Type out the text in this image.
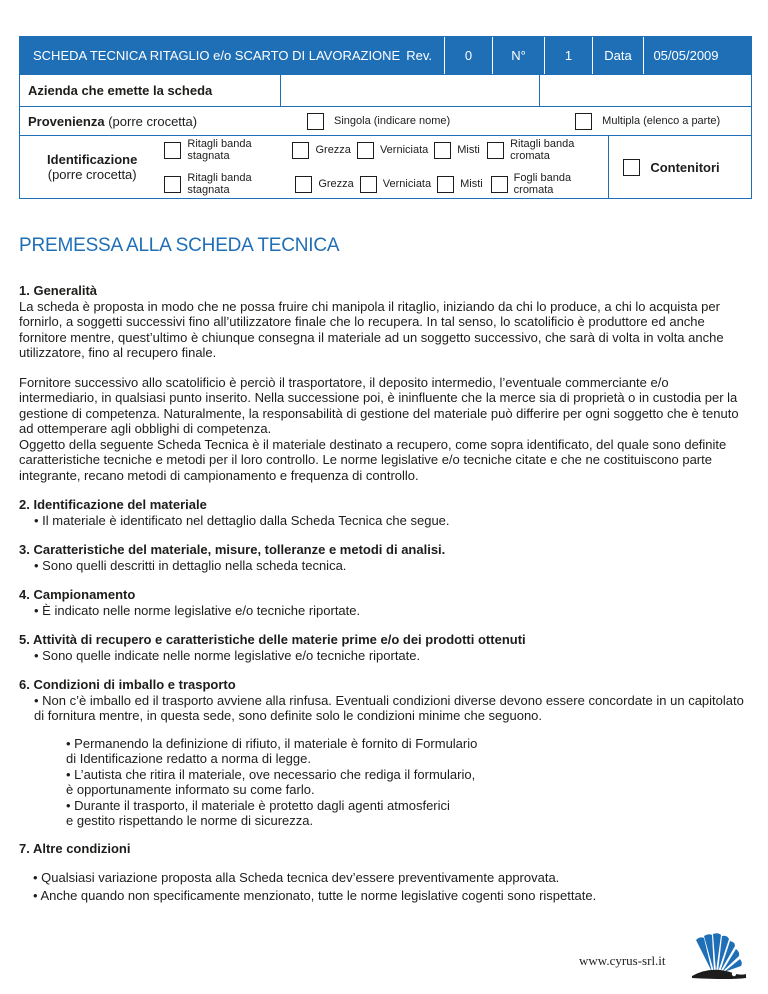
SCHEDA TECNICA RITAGLIO e/o SCARTO DI LAVORAZIONE Rev.	0	N°	1	Data	05/05/2009
Azienda che emette la scheda
Provenienza (porre crocetta)	Singola (indicare nome)	Multipla (elenco a parte)
Identificazione
(porre crocetta)
Ritagli banda stagnata	Grezza	Verniciata	Misti	Ritagli banda cromata
Ritagli banda stagnata	Grezza	Verniciata	Misti	Fogli banda cromata
Contenitori
PREMESSA ALLA SCHEDA TECNICA

1. Generalità

La scheda è proposta in modo che ne possa fruire chi manipola il ritaglio, iniziando da chi lo produce, a chi lo acquista per fornirlo, a soggetti successivi fino all’utilizzatore finale che lo recupera. In tal senso, lo scatolificio è produttore ed anche fornitore mentre, quest’ultimo è chiunque consegna il materiale ad un soggetto successivo, che sarà di volta in volta anche utilizzatore, fino al recupero finale.

Fornitore successivo allo scatolificio è perciò il trasportatore, il deposito intermedio, l’eventuale commerciante e/o intermediario, in qualsiasi punto inserito. Nella successione poi, è ininfluente che la merce sia di proprietà o in custodia per la gestione di competenza. Naturalmente, la responsabilità di gestione del materiale può differire per ogni soggetto che è tenuto ad ottemperare agli obblighi di competenza.

Oggetto della seguente Scheda Tecnica è il materiale destinato a recupero, come sopra identificato, del quale sono definite caratteristiche tecniche e metodi per il loro controllo. Le norme legislative e/o tecniche citate e che ne costituiscono parte integrante, recano metodi di campionamento e frequenza di controllo.

2. Identificazione del materiale

• Il materiale è identificato nel dettaglio dalla Scheda Tecnica che segue.

3. Caratteristiche del materiale, misure, tolleranze e metodi di analisi.

• Sono quelli descritti in dettaglio nella scheda tecnica.

4. Campionamento

• È indicato nelle norme legislative e/o tecniche riportate.

5. Attività di recupero e caratteristiche delle materie prime e/o dei prodotti ottenuti

• Sono quelle indicate nelle norme legislative e/o tecniche riportate.

6. Condizioni di imballo e trasporto

• Non c’è imballo ed il trasporto avviene alla rinfusa. Eventuali condizioni diverse devono essere concordate in un capitolato di fornitura mentre, in questa sede, sono definite solo le condizioni minime che seguono.

• Permanendo la definizione di rifiuto, il materiale è fornito di Formulario
di Identificazione redatto a norma di legge.
• L’autista che ritira il materiale, ove necessario che rediga il formulario,
è opportunamente informato su come farlo.
• Durante il trasporto, il materiale è protetto dagli agenti atmosferici
e gestito rispettando le norme di sicurezza.

7. Altre condizioni

• Qualsiasi variazione proposta alla Scheda tecnica dev’essere preventivamente approvata.
• Anche quando non specificamente menzionato, tutte le norme legislative cogenti sono rispettate.
www.cyrus-srl.it
